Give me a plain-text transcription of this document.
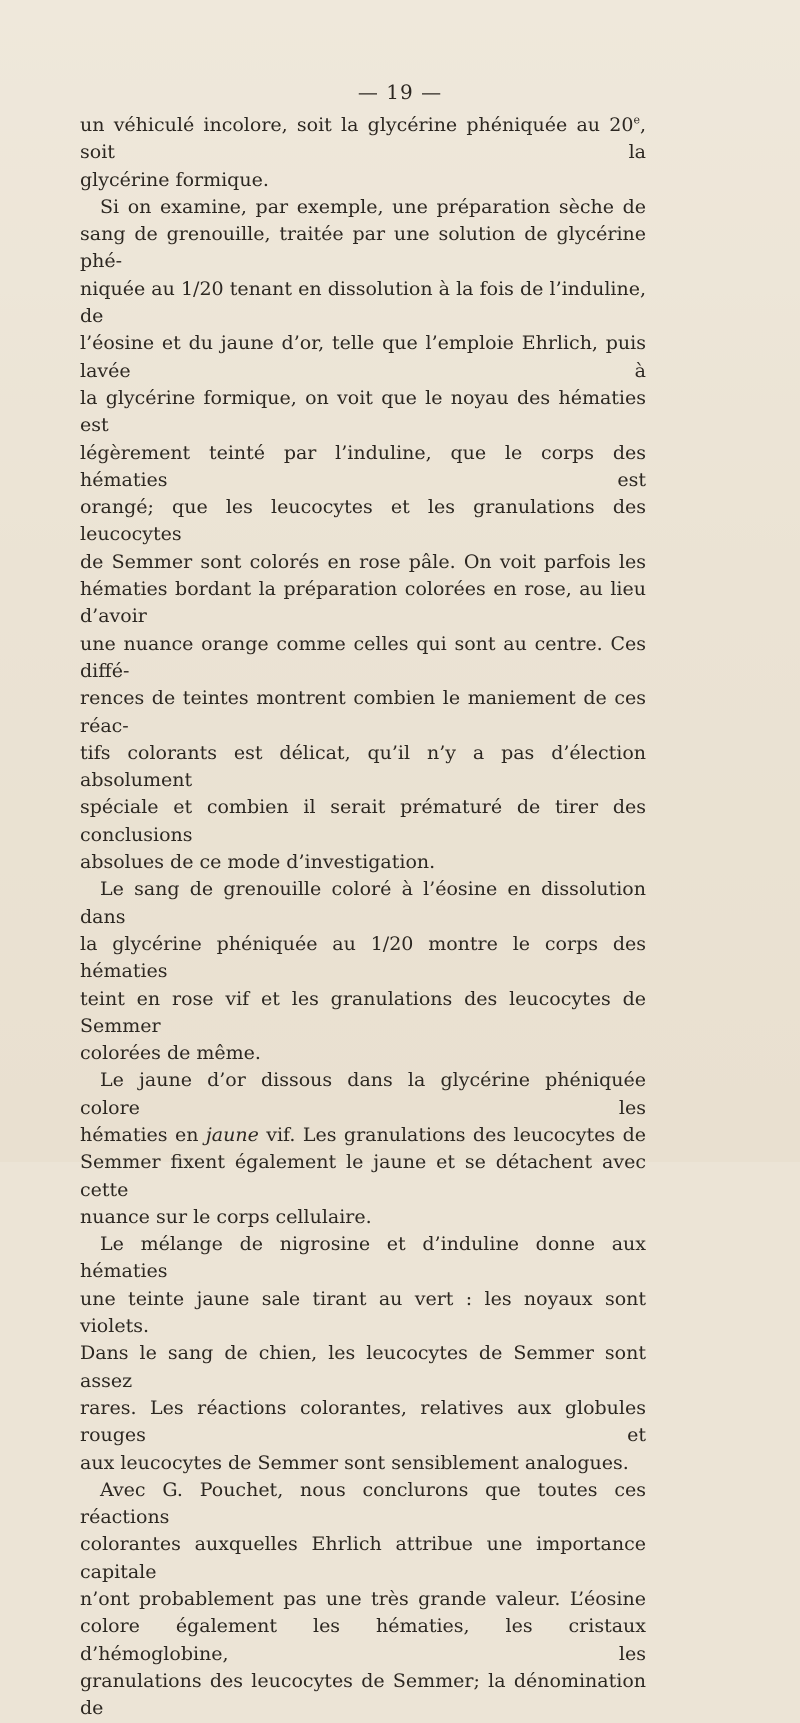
— 19 —

un véhiculé incolore, soit la glycérine phéniquée au 20e, soit la

glycérine formique.

Si on examine, par exemple, une préparation sèche de

sang de grenouille, traitée par une solution de glycérine phé-

niquée au 1/20 tenant en dissolution à la fois de l’induline, de

l’éosine et du jaune d’or, telle que l’emploie Ehrlich, puis lavée à

la glycérine formique, on voit que le noyau des hématies est

légèrement teinté par l’induline, que le corps des hématies est

orangé; que les leucocytes et les granulations des leucocytes

de Semmer sont colorés en rose pâle. On voit parfois les

hématies bordant la préparation colorées en rose, au lieu d’avoir

une nuance orange comme celles qui sont au centre. Ces diffé-

rences de teintes montrent combien le maniement de ces réac-

tifs colorants est délicat, qu’il n’y a pas d’élection absolument

spéciale et combien il serait prématuré de tirer des conclusions

absolues de ce mode d’investigation.

Le sang de grenouille coloré à l’éosine en dissolution dans

la glycérine phéniquée au 1/20 montre le corps des hématies

teint en rose vif et les granulations des leucocytes de Semmer

colorées de même.

Le jaune d’or dissous dans la glycérine phéniquée colore les

hématies en jaune vif. Les granulations des leucocytes de

Semmer fixent également le jaune et se détachent avec cette

nuance sur le corps cellulaire.

Le mélange de nigrosine et d’induline donne aux hématies

une teinte jaune sale tirant au vert : les noyaux sont violets.

Dans le sang de chien, les leucocytes de Semmer sont assez

rares. Les réactions colorantes, relatives aux globules rouges et

aux leucocytes de Semmer sont sensiblement analogues.

Avec G. Pouchet, nous conclurons que toutes ces réactions

colorantes auxquelles Ehrlich attribue une importance capitale

n’ont probablement pas une très grande valeur. L’éosine

colore également les hématies, les cristaux d’hémoglobine, les

granulations des leucocytes de Semmer; la dénomination de
